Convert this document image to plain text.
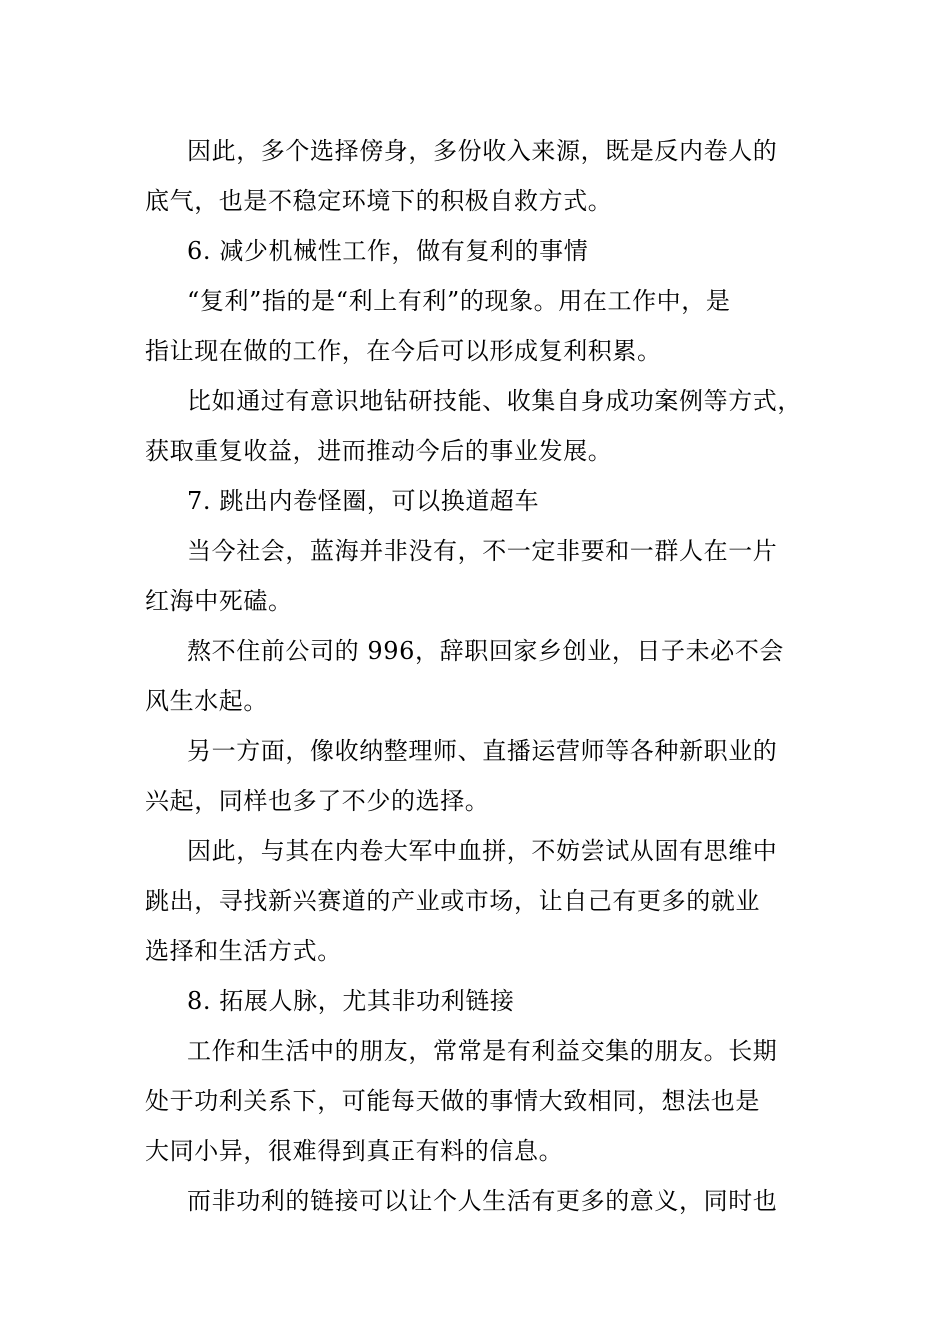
因此，多个选择傍身，多份收入来源，既是反内卷人的
底气，也是不稳定环境下的积极自救方式。
6. 减少机械性工作，做有复利的事情
“复利”指的是“利上有利”的现象。用在工作中，是
指让现在做的工作，在今后可以形成复利积累。
比如通过有意识地钻研技能、收集自身成功案例等方式，
获取重复收益，进而推动今后的事业发展。
7. 跳出内卷怪圈，可以换道超车
当今社会，蓝海并非没有，不一定非要和一群人在一片
红海中死磕。
熬不住前公司的 996，辞职回家乡创业，日子未必不会
风生水起。
另一方面，像收纳整理师、直播运营师等各种新职业的
兴起，同样也多了不少的选择。
因此，与其在内卷大军中血拼，不妨尝试从固有思维中
跳出，寻找新兴赛道的产业或市场，让自己有更多的就业
选择和生活方式。
8. 拓展人脉，尤其非功利链接
工作和生活中的朋友，常常是有利益交集的朋友。长期
处于功利关系下，可能每天做的事情大致相同，想法也是
大同小异，很难得到真正有料的信息。
而非功利的链接可以让个人生活有更多的意义，同时也
